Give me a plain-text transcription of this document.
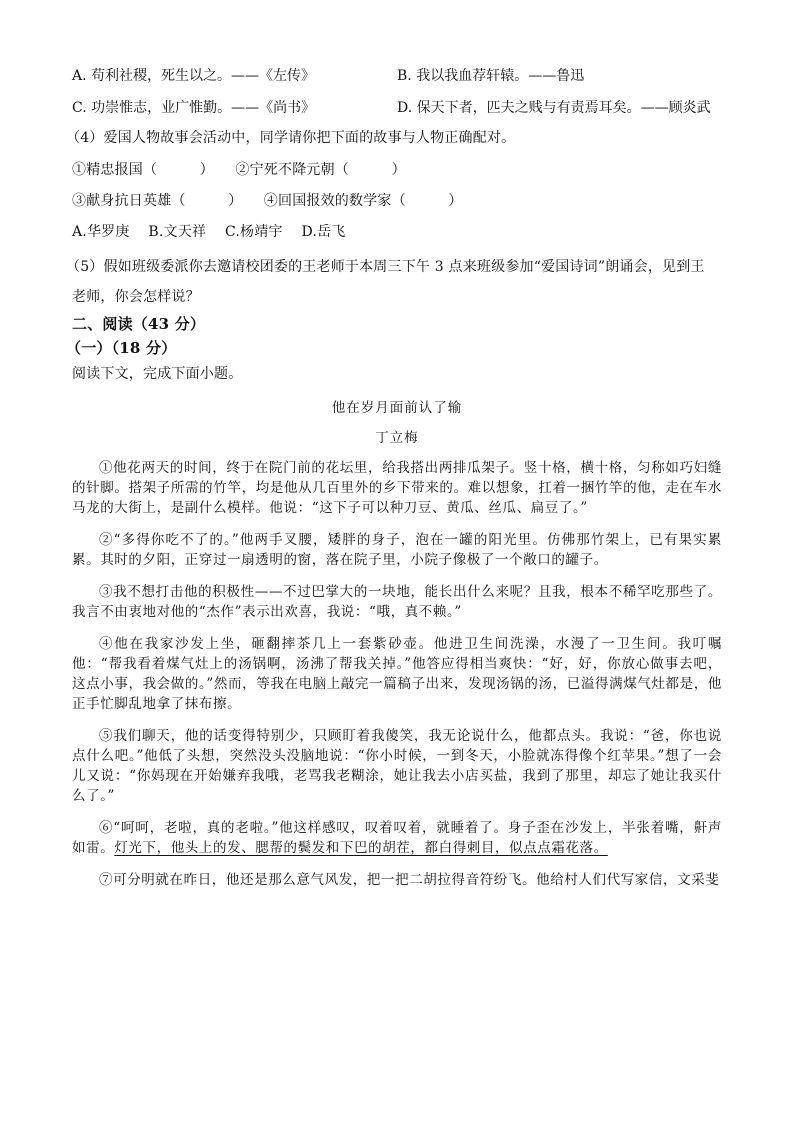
A. 苟利社稷，死生以之。——《左传》	B. 我以我血荐轩辕。——鲁迅
C. 功崇惟志，业广惟勤。——《尚书》	D. 保天下者，匹夫之贱与有责焉耳矣。——顾炎武
（4）爱国人物故事会活动中，同学请你把下面的故事与人物正确配对。
①精忠报国（　　　）　　②宁死不降元朝（　　　）
③献身抗日英雄（　　　）　　④回国报效的数学家（　　　）
A.华罗庚　 B.文天祥　 C.杨靖宇　 D.岳飞
（5）假如班级委派你去邀请校团委的王老师于本周三下午 3 点来班级参加“爱国诗词”朗诵会，见到王
老师，你会怎样说？
二、阅读（43 分）
（一）（18 分）
阅读下文，完成下面小题。
他在岁月面前认了输
丁立梅

①他花两天的时间，终于在院门前的花坛里，给我搭出两排瓜架子。竖十格，横十格，匀称如巧妇缝的针脚。搭架子所需的竹竿，均是他从几百里外的乡下带来的。难以想象，扛着一捆竹竿的他，走在车水马龙的大街上，是副什么模样。他说：“这下子可以种刀豆、黄瓜、丝瓜、扁豆了。”

②“多得你吃不了的。”他两手叉腰，矮胖的身子，泡在一罐的阳光里。仿佛那竹架上，已有果实累累。其时的夕阳，正穿过一扇透明的窗，落在院子里，小院子像极了一个敞口的罐子。

③我不想打击他的积极性——不过巴掌大的一块地，能长出什么来呢？且我，根本不稀罕吃那些了。我言不由衷地对他的“杰作”表示出欢喜，我说：“哦，真不赖。”

④他在我家沙发上坐，砸翻摔茶几上一套紫砂壶。他进卫生间洗澡，水漫了一卫生间。我叮嘱他：“帮我看着煤气灶上的汤锅啊，汤沸了帮我关掉。”他答应得相当爽快：“好，好，你放心做事去吧，这点小事，我会做的。”然而，等我在电脑上敲完一篇稿子出来，发现汤锅的汤，已溢得满煤气灶都是，他正手忙脚乱地拿了抹布擦。

⑤我们聊天，他的话变得特别少，只顾盯着我傻笑，我无论说什么，他都点头。我说：“爸，你也说点什么吧。”他低了头想，突然没头没脑地说：“你小时候，一到冬天，小脸就冻得像个红苹果。”想了一会儿又说：“你妈现在开始嫌弃我哦，老骂我老糊涂，她让我去小店买盐，我到了那里，却忘了她让我买什么了。”

⑥“呵呵，老啦，真的老啦。”他这样感叹，叹着叹着，就睡着了。身子歪在沙发上，半张着嘴，鼾声如雷。灯光下，他头上的发、腮帮的鬓发和下巴的胡茬，都白得刺目，似点点霜花落。

⑦可分明就在昨日，他还是那么意气风发，把一把二胡拉得音符纷飞。他给村人们代写家信，文采斐
